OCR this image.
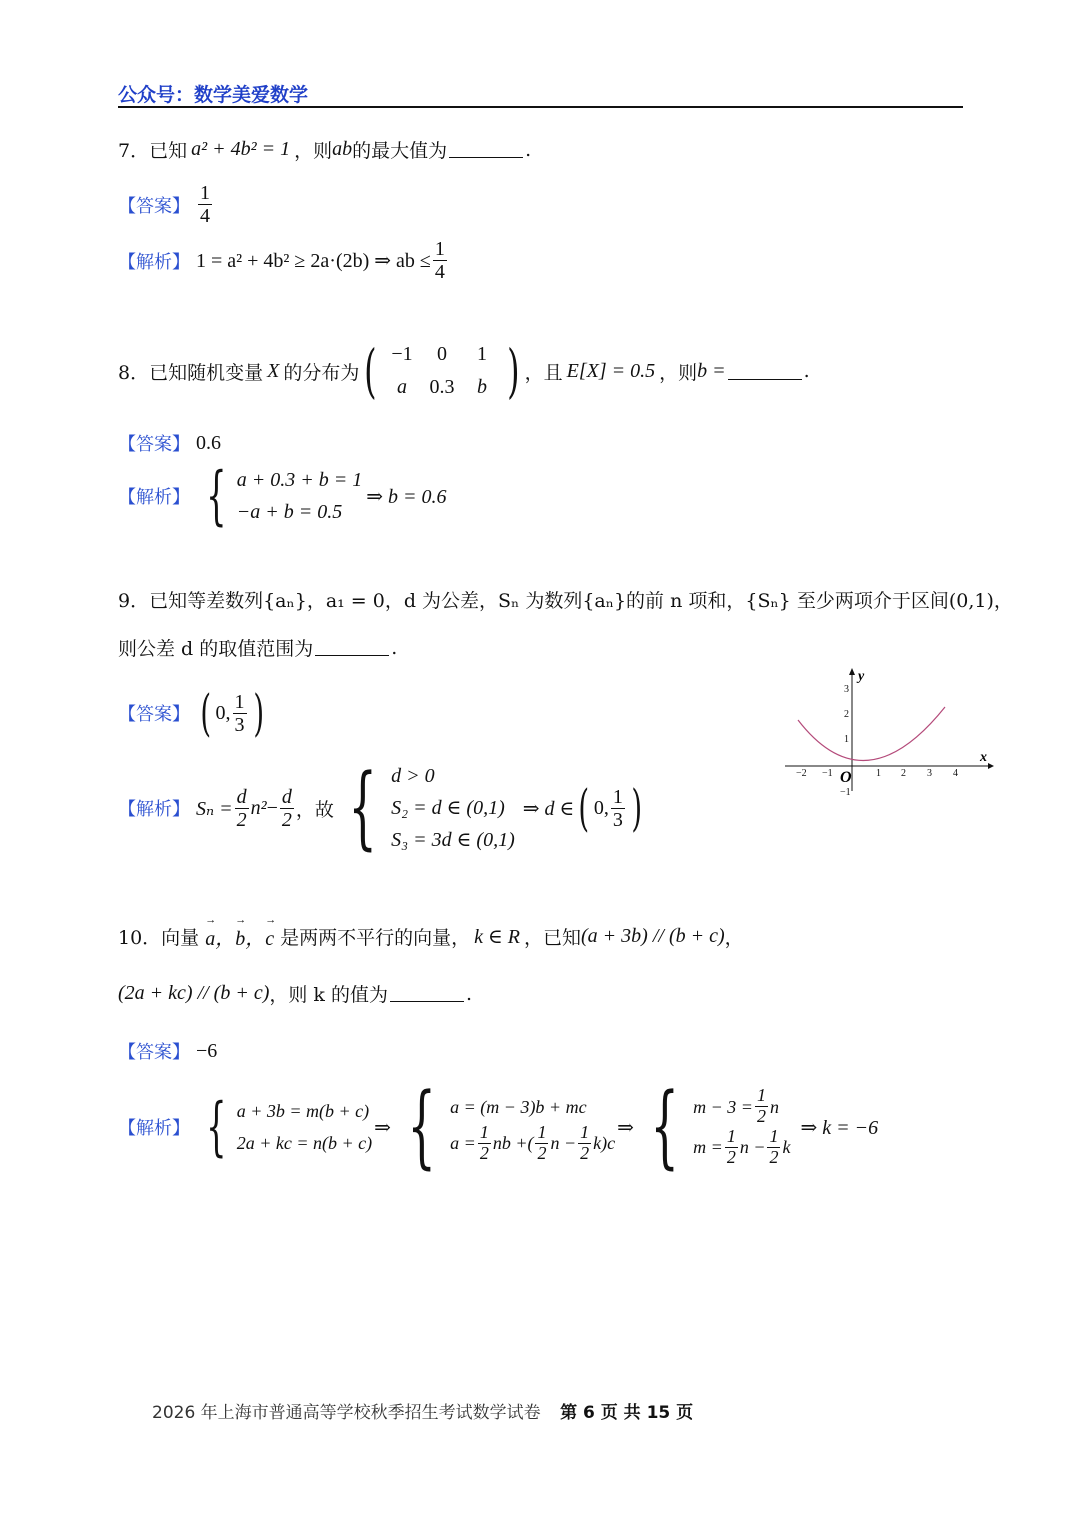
公众号：数学美爱数学
7．已知 a² + 4b² = 1 ，则 ab 的最大值为	.
【答案】 $\frac{1}{4}$
【解析】 1 = a² + 4b² ≥ 2a·(2b) ⇒ ab ≤ $\frac{1}{4}$
8．已知随机变量 X 的分布为 ( −1	0	1
a	0.3	b ) ，且 E[X] = 0.5 ，则 b =	.
【答案】 0.6
【解析】 { a + 0.3 + b = 1
−a + b = 0.5
⇒ b = 0.6
9．已知等差数列{aₙ}，a₁ = 0，d 为公差，Sₙ 为数列{aₙ}的前 n 项和，{Sₙ} 至少两项介于区间(0,1)，
则公差 d 的取值范围为	.
【答案】 ( 0, $\frac{1}{3}$ )
【解析】 $S_n = \frac{d}{2} n^2 - \frac{d}{2}$ ，故 { d > 0
S₂ = d ∈ (0,1)
S₃ = 3d ∈ (0,1)
⇒ d ∈ ( 0, $\frac{1}{3}$ )
−2 −1	1 2 3 4
3
2
1
−1
x
y
O
10．向量
→ a，→ b，→ c 是两两不平行的向量， k ∈ R ，已知 (a + 3b) // (b + c) ，
(2a + kc) // (b + c) ，则 k 的值为	.
【答案】 −6
【解析】 { a + 3b = m(b + c)
2a + kc = n(b + c)
⇒ { a = (m − 3)b + mc
$a = \frac{1}{2}$ nb + ( $\frac{1}{2}$ $n - \frac{1}{2}$ k ) c
⇒ { $m - 3 = \frac{1}{2}$ n
$m = \frac{1}{2}$ $n - \frac{1}{2}$ k
⇒ k = −6
2026 年上海市普通高等学校秋季招生考试数学试卷 第 6 页 共 15 页
